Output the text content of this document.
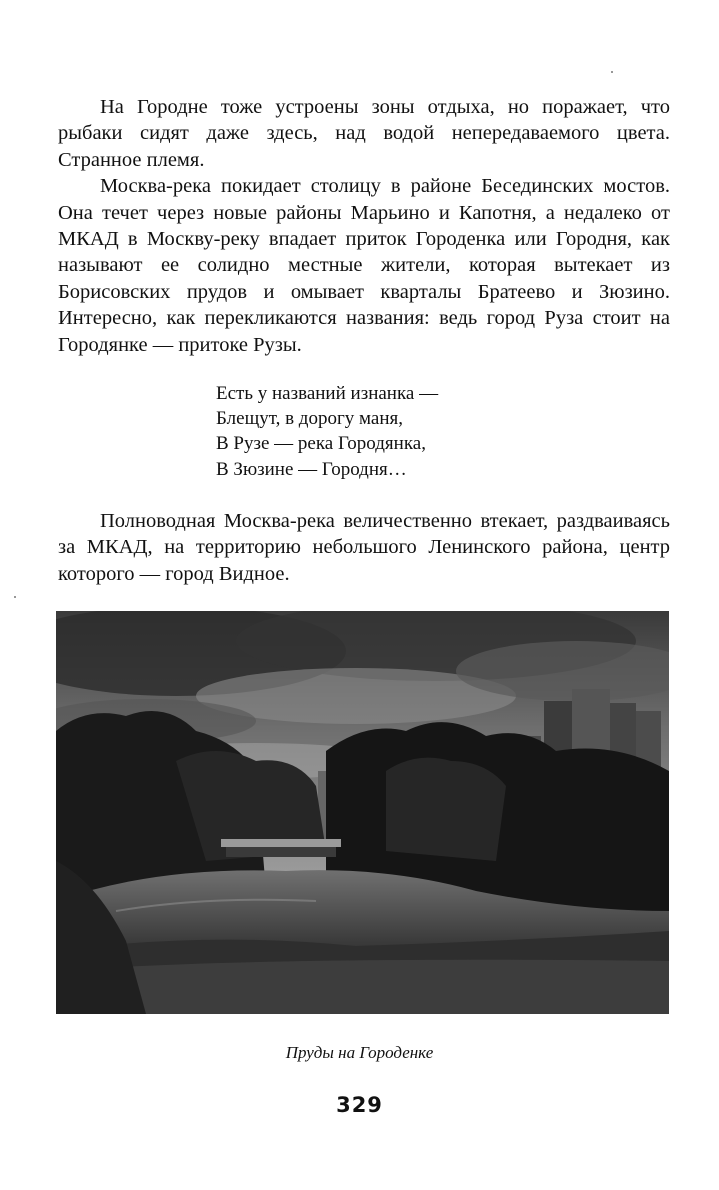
На Городне тоже устроены зоны отдыха, но поражает, что рыбаки сидят даже здесь, над водой непередаваемого цвета. Странное племя.

Москва-река покидает столицу в районе Бесединских мостов. Она течет через новые районы Марьино и Капотня, а недалеко от МКАД в Москву-реку впадает приток Городенка или Городня, как называют ее солидно местные жители, которая вытекает из Борисовских прудов и омывает кварталы Братеево и Зюзино. Интересно, как перекликаются названия: ведь город Руза стоит на Городянке — притоке Рузы.

Есть у названий изнанка —
Блещут, в дорогу маня,
В Рузе — река Городянка,
В Зюзине — Городня…

Полноводная Москва-река величественно втекает, раздваиваясь за МКАД, на территорию небольшого Ленинского района, центр которого — город Видное.

Пруды на Городенке
329
